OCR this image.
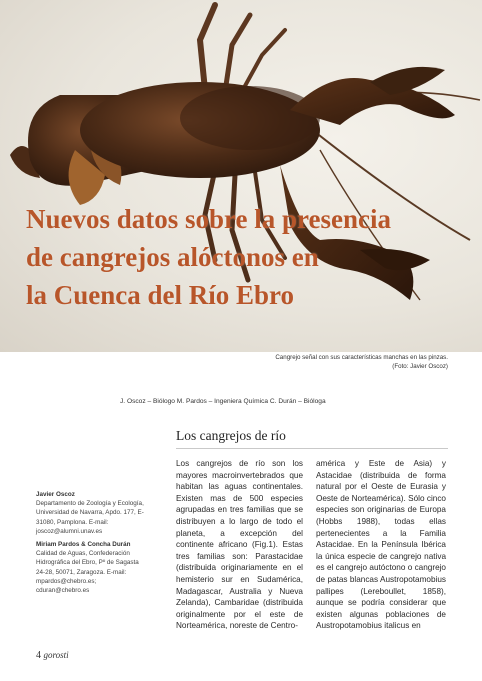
Nuevos datos sobre la presencia
de cangrejos alóctonos en
la Cuenca del Río Ebro
Cangrejo señal con sus características manchas en las pinzas.
(Foto: Javier Oscoz)
J. Oscoz – Biólogo M. Pardos – Ingeniera Química C. Durán – Bióloga
Los cangrejos de río

Los cangrejos de río son los mayores macroinvertebrados que habitan las aguas continentales. Existen mas de 500 especies agrupadas en tres familias que se distribuyen a lo largo de todo el planeta, a excepción del continente africano (Fig.1). Estas tres familias son: Parastacidae (distribuida originariamente en el hemisterio sur en Sudamérica, Madagascar, Australia y Nueva Zelanda), Cambaridae (distribuida originalmente por el este de Norteamérica, noreste de Centro-

américa y Este de Asia) y Astacidae (distribuida de forma natural por el Oeste de Eurasia y Oeste de Norteamérica). Sólo cinco especies son originarias de Europa (Hobbs 1988), todas ellas pertenecientes a la Familia Astacidae. En la Península Ibérica la única especie de cangrejo nativa es el cangrejo autóctono o cangrejo de patas blancas Austropotamobius pallipes (Lereboullet, 1858), aunque se podría considerar que existen algunas poblaciones de Austropotamobius italicus en

Javier Oscoz
Departamento de Zoología y Ecología, Universidad de Navarra, Apdo. 177, E-31080, Pamplona. E-mail: joscoz@alumni.unav.es
Miriam Pardos & Concha Durán
Calidad de Aguas, Confederación Hidrográfica del Ebro, Pº de Sagasta 24-28, 50071, Zaragoza. E-mail: mpardos@chebro.es; cduran@chebro.es
4 gorosti
